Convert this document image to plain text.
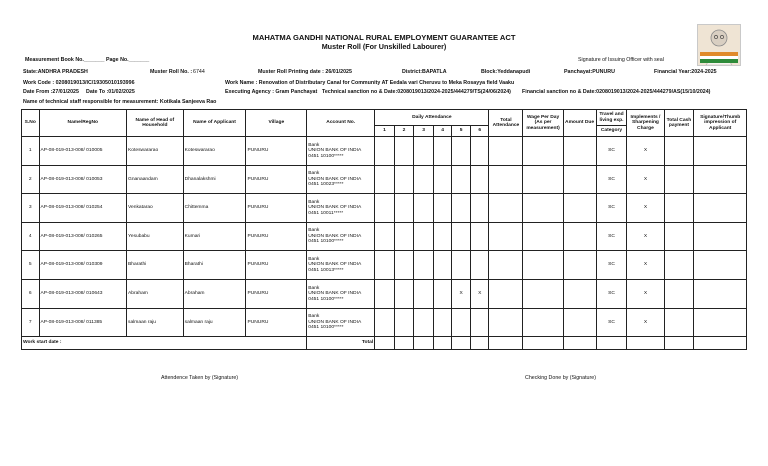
MAHATMA GANDHI NATIONAL RURAL EMPLOYMENT GUARANTEE ACT
Muster Roll (For Unskilled Labourer)
Measurement Book No._______ Page No._______	Signature of Issuing Officer with seal
State:ANDHRA PRADESH	Muster Roll No. : 6744	Muster Roll Printing date : 26/01/2025	District:BAPATLA	Block:Yeddanapudi	Panchayat:PUNURU	Financial Year:2024-2025
Work Code : 0208019013/IC/19305010193996	Work Name : Renovation of Distributary Canal for Community AT Eedala vari Cheruvu to Meka Rosayya field Vaaku
Date From :27/01/2025 Date To :01/02/2025	Executing Agency : Gram Panchayat Technical sanction no & Date:0208019013/2024-2025/444279/TS(24/06/2024) Financial sanction no & Date:0208019013/2024-2025/444279/AS(15/10/2024)
Name of technical staff responsible for measurement: Kotikala Sanjeeva Rao
S.No	Name/RegNo	Name of Head of Household	Name of Applicant	Village	Account No.	Daily Attendance						Total Attendance	Wage Per Day (As per measurement)	Amount Due	Travel and living exp.	Implements / Sharpening Charge	Total Cash payment	Signature/Thumb impression of Applicant
						1	2	3	4	5	6				Category			
1	AP-08-019-013-008/ 010005	Koteswararao	Koteswararao	PUNURU	Bank
UNION BANK OF INDIA
0451 10100*****										SC	X		
2	AP-08-019-013-008/ 010053	Gnanaandam	Dhanalakshmi	PUNURU	Bank
UNION BANK OF INDIA
0451 10023*****										SC	X		
3	AP-08-019-013-008/ 010254	Venkatarao	Chittemma	PUNURU	Bank
UNION BANK OF INDIA
0451 10011*****										SC	X		
4	AP-08-019-013-008/ 010265	Yesubabu	Kumari	PUNURU	Bank
UNION BANK OF INDIA
0451 10100*****										SC	X		
5	AP-08-019-013-008/ 010309	Bharathi	Bharathi	PUNURU	Bank
UNION BANK OF INDIA
0451 10013*****										SC	X		
6	AP-08-019-013-008/ 010643	Abraham	Abraham	PUNURU	Bank
UNION BANK OF INDIA
0451 10100*****					X	X				SC	X		
7	AP-08-019-013-008/ 011385	salmaan raju	salmaan raju	PUNURU	Bank
UNION BANK OF INDIA
0451 10100*****										SC	X		
Work start date :					Total													
Attendence Taken by (Signature)	Checking Done by (Signature)
